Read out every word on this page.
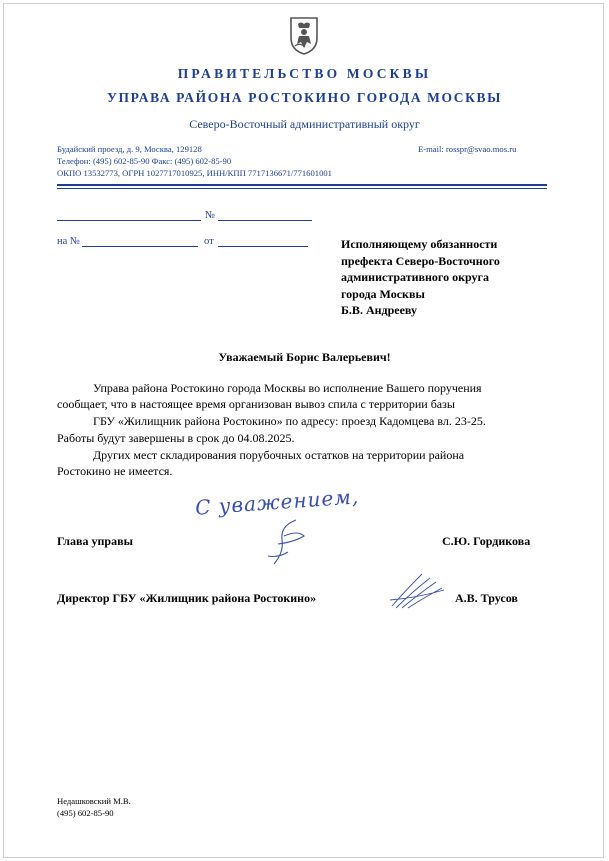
ПРАВИТЕЛЬСТВО МОСКВЫ
УПРАВА РАЙОНА РОСТОКИНО ГОРОДА МОСКВЫ
Северо-Восточный административный округ
Будайский проезд, д. 9, Москва, 129128	E-mail: rosspr@svao.mos.ru
Телефон: (495) 602-85-90 Факс: (495) 602-85-90
ОКПО 13532773, ОГРН 1027717010925, ИНН/КПП 7717136671/771601001
№
на №	от	Исполняющему обязанности
префекта Северо-Восточного
административного округа
города Москвы
Б.В. Андрееву
Уважаемый Борис Валерьевич!
Управа района Ростокино города Москвы во исполнение Вашего поручения
сообщает, что в настоящее время организован вывоз спила с территории базы
ГБУ «Жилищник района Ростокино» по адресу: проезд Кадомцева вл. 23-25.
Работы будут завершены в срок до 04.08.2025.
Других мест складирования порубочных остатков на территории района
Ростокино не имеется.
С уважением,
Глава управы	С.Ю. Гордикова
Директор ГБУ «Жилищник района Ростокино»	А.В. Трусов
Недашковский М.В.
(495) 602-85-90
